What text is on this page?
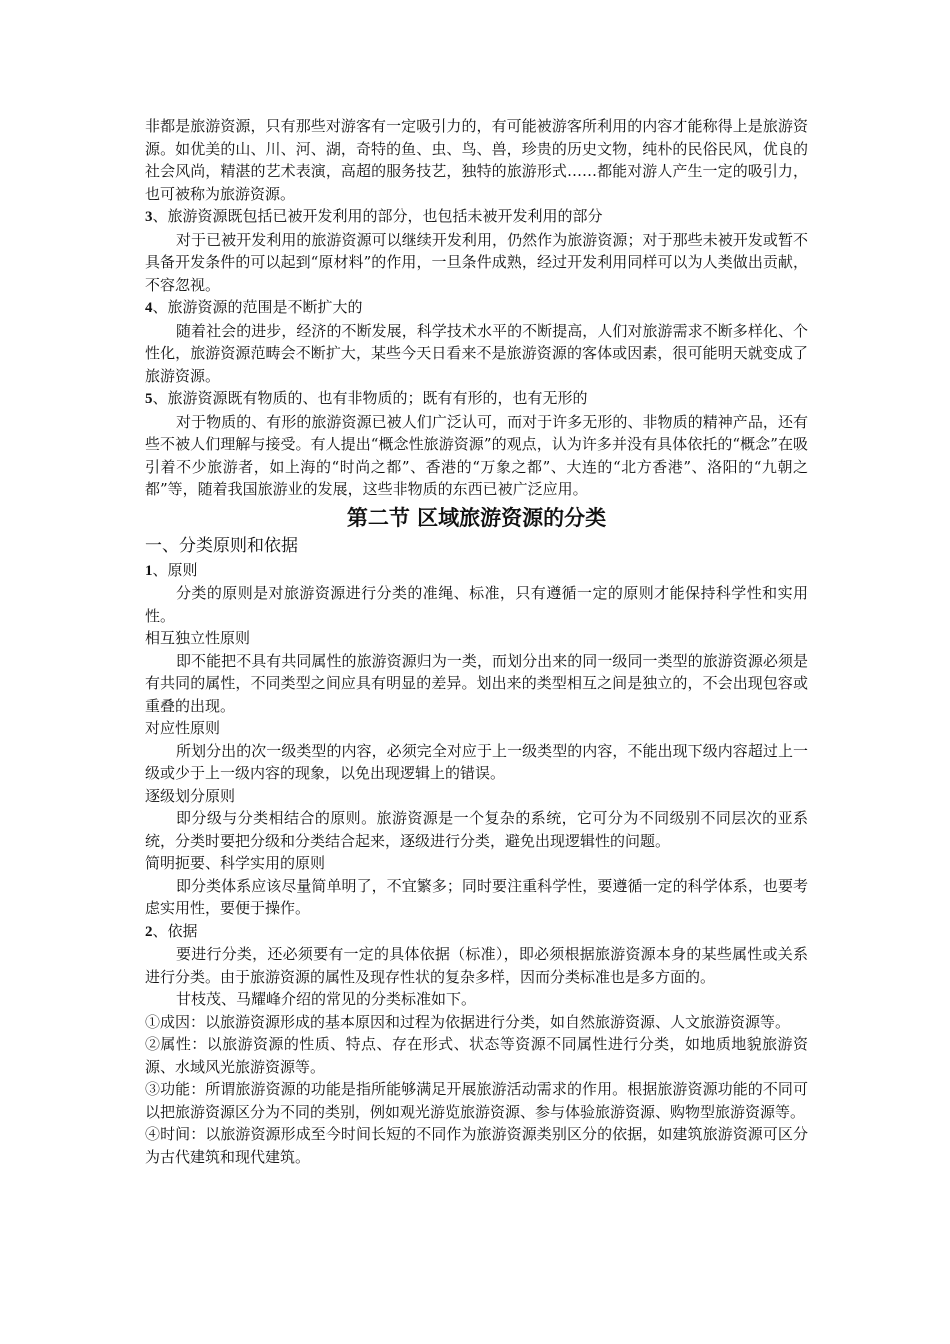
非都是旅游资源，只有那些对游客有一定吸引力的，有可能被游客所利用的内容才能称得上是旅游资源。如优美的山、川、河、湖，奇特的鱼、虫、鸟、兽，珍贵的历史文物，纯朴的民俗民风，优良的社会风尚，精湛的艺术表演，高超的服务技艺，独特的旅游形式……都能对游人产生一定的吸引力，也可被称为旅游资源。

3、旅游资源既包括已被开发利用的部分，也包括未被开发利用的部分

对于已被开发利用的旅游资源可以继续开发利用，仍然作为旅游资源；对于那些未被开发或暂不具备开发条件的可以起到“原材料”的作用，一旦条件成熟，经过开发利用同样可以为人类做出贡献，不容忽视。

4、旅游资源的范围是不断扩大的

随着社会的进步，经济的不断发展，科学技术水平的不断提高，人们对旅游需求不断多样化、个性化，旅游资源范畴会不断扩大，某些今天日看来不是旅游资源的客体或因素，很可能明天就变成了旅游资源。

5、旅游资源既有物质的、也有非物质的；既有有形的，也有无形的

对于物质的、有形的旅游资源已被人们广泛认可，而对于许多无形的、非物质的精神产品，还有些不被人们理解与接受。有人提出“概念性旅游资源”的观点，认为许多并没有具体依托的“概念”在吸引着不少旅游者，如上海的“时尚之都”、香港的“万象之都”、大连的“北方香港”、洛阳的“九朝之都”等，随着我国旅游业的发展，这些非物质的东西已被广泛应用。

第二节 区域旅游资源的分类

一、分类原则和依据

1、原则

分类的原则是对旅游资源进行分类的准绳、标准，只有遵循一定的原则才能保持科学性和实用性。

相互独立性原则

即不能把不具有共同属性的旅游资源归为一类，而划分出来的同一级同一类型的旅游资源必须是有共同的属性，不同类型之间应具有明显的差异。划出来的类型相互之间是独立的，不会出现包容或重叠的出现。

对应性原则

所划分出的次一级类型的内容，必须完全对应于上一级类型的内容，不能出现下级内容超过上一级或少于上一级内容的现象，以免出现逻辑上的错误。

逐级划分原则

即分级与分类相结合的原则。旅游资源是一个复杂的系统，它可分为不同级别不同层次的亚系统，分类时要把分级和分类结合起来，逐级进行分类，避免出现逻辑性的问题。

简明扼要、科学实用的原则

即分类体系应该尽量简单明了，不宜繁多；同时要注重科学性，要遵循一定的科学体系，也要考虑实用性，要便于操作。

2、依据

要进行分类，还必须要有一定的具体依据（标准），即必须根据旅游资源本身的某些属性或关系进行分类。由于旅游资源的属性及现存性状的复杂多样，因而分类标准也是多方面的。

甘枝茂、马耀峰介绍的常见的分类标准如下。

①成因：以旅游资源形成的基本原因和过程为依据进行分类，如自然旅游资源、人文旅游资源等。

②属性：以旅游资源的性质、特点、存在形式、状态等资源不同属性进行分类，如地质地貌旅游资源、水域风光旅游资源等。

③功能：所谓旅游资源的功能是指所能够满足开展旅游活动需求的作用。根据旅游资源功能的不同可以把旅游资源区分为不同的类别，例如观光游览旅游资源、参与体验旅游资源、购物型旅游资源等。

④时间：以旅游资源形成至今时间长短的不同作为旅游资源类别区分的依据，如建筑旅游资源可区分为古代建筑和现代建筑。
